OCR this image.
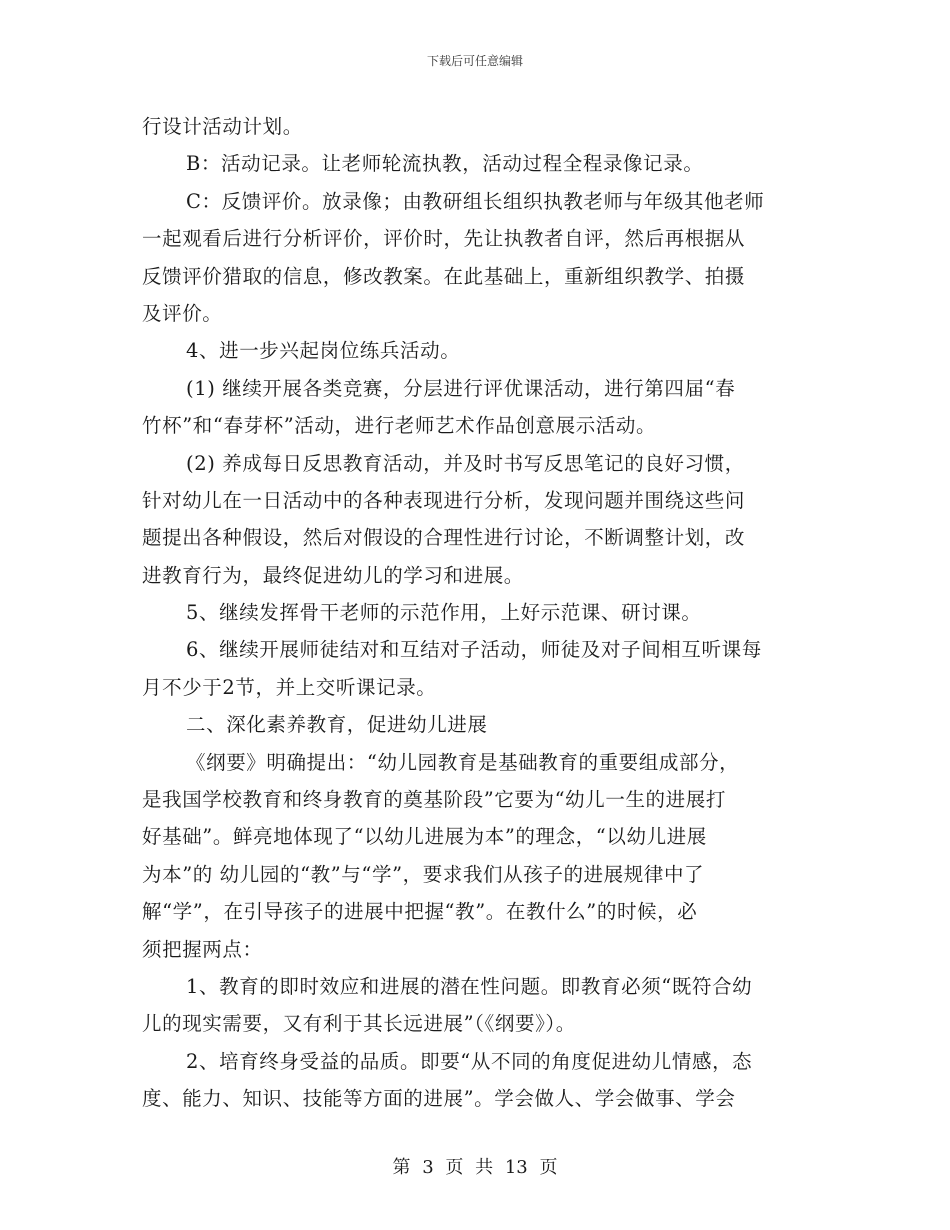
下载后可任意编辑
行设计活动计划。
B：活动记录。让老师轮流执教，活动过程全程录像记录。
C：反馈评价。放录像；由教研组长组织执教老师与年级其他老师
一起观看后进行分析评价，评价时，先让执教者自评，然后再根据从
反馈评价猎取的信息，修改教案。在此基础上，重新组织教学、拍摄
及评价。
4、进一步兴起岗位练兵活动。
(1) 继续开展各类竞赛，分层进行评优课活动，进行第四届“春
竹杯”和“春芽杯”活动，进行老师艺术作品创意展示活动。
(2) 养成每日反思教育活动，并及时书写反思笔记的良好习惯，
针对幼儿在一日活动中的各种表现进行分析，发现问题并围绕这些问
题提出各种假设，然后对假设的合理性进行讨论，不断调整计划，改
进教育行为，最终促进幼儿的学习和进展。
5、继续发挥骨干老师的示范作用，上好示范课、研讨课。
6、继续开展师徒结对和互结对子活动，师徒及对子间相互听课每
月不少于2节，并上交听课记录。
二、深化素养教育，促进幼儿进展
《纲要》明确提出：“幼儿园教育是基础教育的重要组成部分，
是我国学校教育和终身教育的奠基阶段”它要为“幼儿一生的进展打
好基础”。鲜亮地体现了“以幼儿进展为本”的理念，“以幼儿进展
为本”的 幼儿园的“教”与“学”，要求我们从孩子的进展规律中了
解“学”，在引导孩子的进展中把握“教”。在教什么”的时候，必
须把握两点：
1、教育的即时效应和进展的潜在性问题。即教育必须“既符合幼
儿的现实需要，又有利于其长远进展”（《纲要》）。
2、培育终身受益的品质。即要“从不同的角度促进幼儿情感，态
度、能力、知识、技能等方面的进展”。学会做人、学会做事、学会
第 3 页 共 13 页
